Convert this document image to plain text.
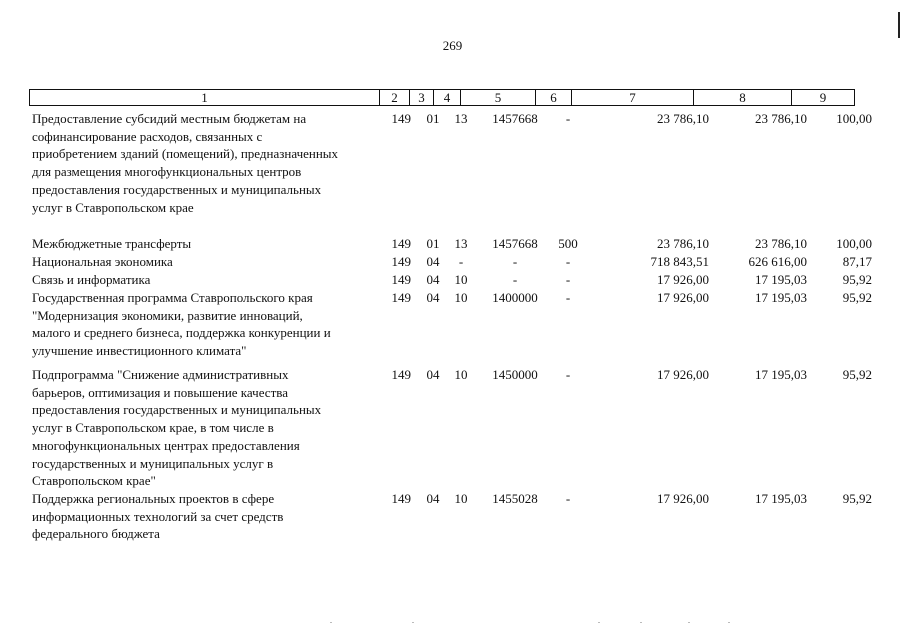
269
1	2	3	4	5	6	7	8	9
Предоставление субсидий местным бюджетам на
софинансирование расходов, связанных с
приобретением зданий (помещений), предназначенных
для размещения многофункциональных центров
предоставления государственных и муниципальных
услуг в Ставропольском крае
149 01	13	1457668	-	23 786,10	23 786,10	100,00
Межбюджетные трансферты	149 01	13	1457668	500	23 786,10	23 786,10	100,00
Национальная экономика	149 04	-	-	-	718 843,51	626 616,00	87,17
Связь и информатика	149 04	10	-	-	17 926,00	17 195,03	95,92
Государственная программа Ставропольского края
"Модернизация экономики, развитие инноваций,
малого и среднего бизнеса, поддержка конкуренции и
улучшение инвестиционного климата"
149 04	10	1400000	-	17 926,00	17 195,03	95,92
Подпрограмма "Снижение административных
барьеров, оптимизация и повышение качества
предоставления государственных и муниципальных
услуг в Ставропольском крае, в том числе в
многофункциональных центрах предоставления
государственных и муниципальных услуг в
Ставропольском крае"
149 04	10	1450000	-	17 926,00	17 195,03	95,92
Поддержка региональных проектов в сфере
информационных технологий за счет средств
федерального бюджета
149 04	10	1455028	-	17 926,00	17 195,03	95,92
